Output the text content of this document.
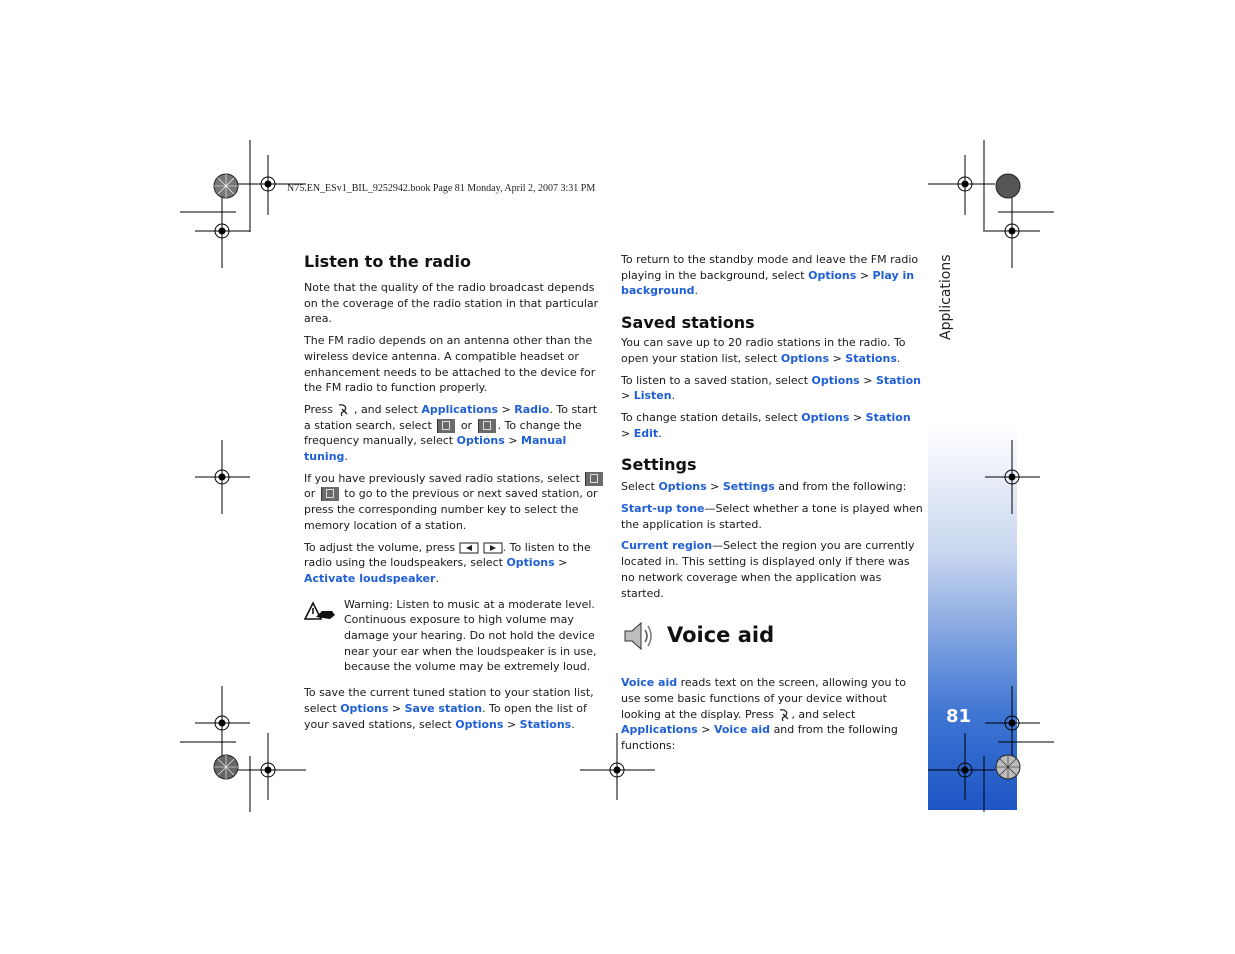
N75.EN_ESv1_BIL_9252942.book Page 81 Monday, April 2, 2007 3:31 PM
Applications
81
Listen to the radio

Note that the quality of the radio broadcast depends on the coverage of the radio station in that particular area.

The FM radio depends on an antenna other than the wireless device antenna. A compatible headset or enhancement needs to be attached to the device for the FM radio to function properly.

Press , and select Applications > Radio. To start a station search, select	or . To change the frequency manually, select Options > Manual tuning.

If you have previously saved radio stations, select
or	to go to the previous or next saved station, or press the corresponding number key to select the memory location of a station.

To adjust the volume, press	. To listen to the radio using the loudspeakers, select Options > Activate loudspeaker.

Warning: Listen to music at a moderate level. Continuous exposure to high volume may damage your hearing. Do not hold the device near your ear when the loudspeaker is in use, because the volume may be extremely loud.

To save the current tuned station to your station list, select Options > Save station. To open the list of your saved stations, select Options > Stations.

To return to the standby mode and leave the FM radio playing in the background, select Options > Play in background.

Saved stations

You can save up to 20 radio stations in the radio. To open your station list, select Options > Stations.

To listen to a saved station, select Options > Station > Listen.

To change station details, select Options > Station > Edit.

Settings

Select Options > Settings and from the following:

Start-up tone—Select whether a tone is played when the application is started.

Current region—Select the region you are currently located in. This setting is displayed only if there was no network coverage when the application was started.

Voice aid

Voice aid reads text on the screen, allowing you to use some basic functions of your device without looking at the display. Press , and select Applications > Voice aid and from the following functions:
